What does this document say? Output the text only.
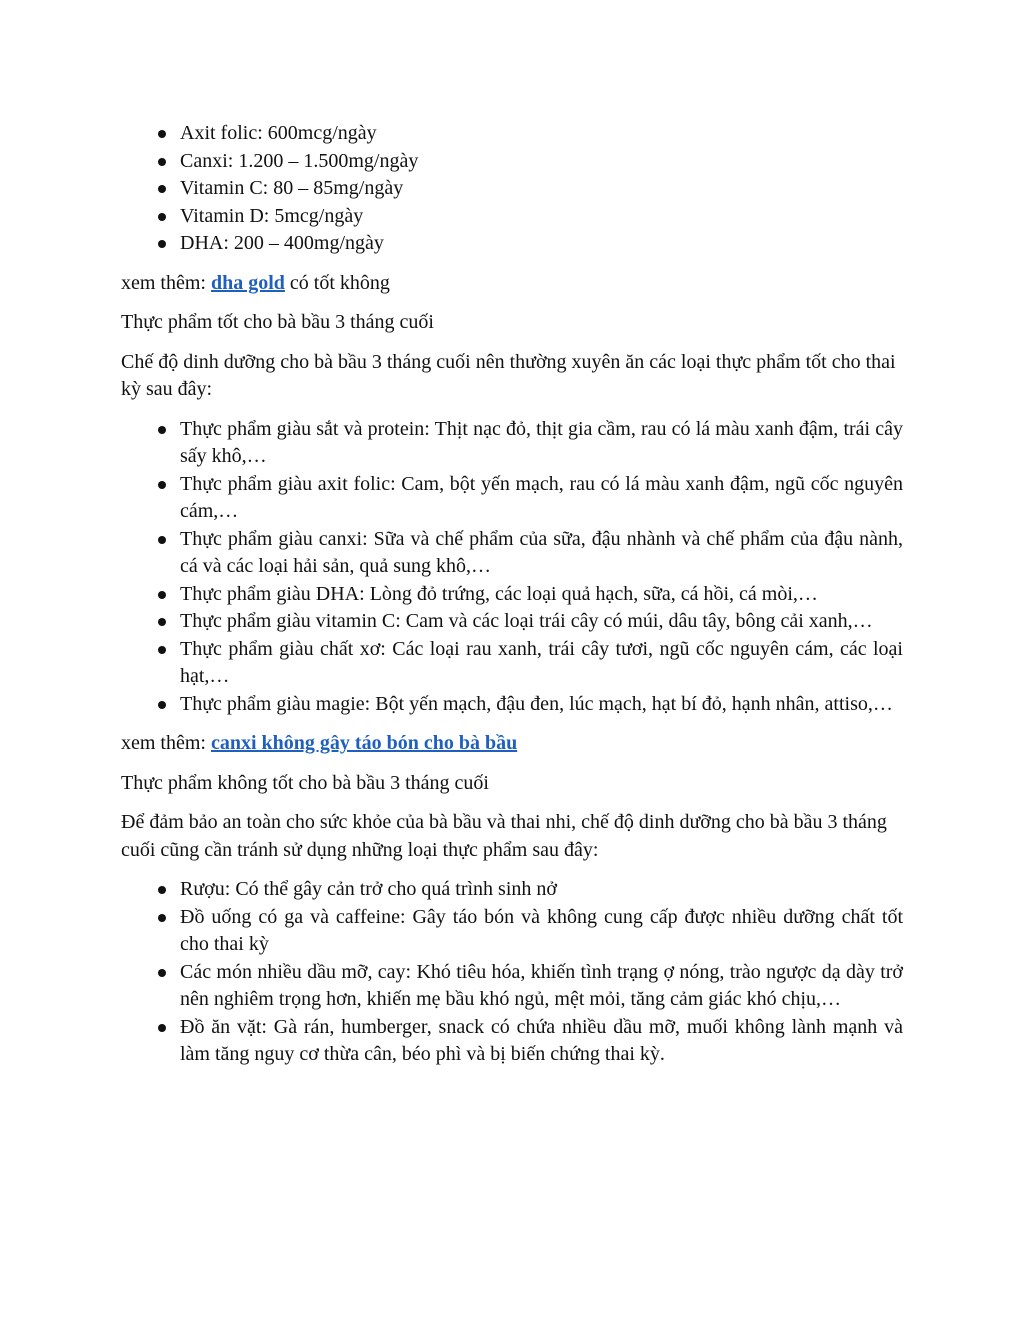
Axit folic: 600mcg/ngày
Canxi: 1.200 – 1.500mg/ngày
Vitamin C: 80 – 85mg/ngày
Vitamin D: 5mcg/ngày
DHA: 200 – 400mg/ngày

xem thêm: dha gold có tốt không

Thực phẩm tốt cho bà bầu 3 tháng cuối

Chế độ dinh dưỡng cho bà bầu 3 tháng cuối nên thường xuyên ăn các loại thực phẩm tốt cho thai kỳ sau đây:

Thực phẩm giàu sắt và protein: Thịt nạc đỏ, thịt gia cầm, rau có lá màu xanh đậm, trái cây sấy khô,…
Thực phẩm giàu axit folic: Cam, bột yến mạch, rau có lá màu xanh đậm, ngũ cốc nguyên cám,…
Thực phẩm giàu canxi: Sữa và chế phẩm của sữa, đậu nhành và chế phẩm của đậu nành, cá và các loại hải sản, quả sung khô,…
Thực phẩm giàu DHA: Lòng đỏ trứng, các loại quả hạch, sữa, cá hồi, cá mòi,…
Thực phẩm giàu vitamin C: Cam và các loại trái cây có múi, dâu tây, bông cải xanh,…
Thực phẩm giàu chất xơ: Các loại rau xanh, trái cây tươi, ngũ cốc nguyên cám, các loại hạt,…
Thực phẩm giàu magie: Bột yến mạch, đậu đen, lúc mạch, hạt bí đỏ, hạnh nhân, attiso,…

xem thêm: canxi không gây táo bón cho bà bầu

Thực phẩm không tốt cho bà bầu 3 tháng cuối

Để đảm bảo an toàn cho sức khỏe của bà bầu và thai nhi, chế độ dinh dưỡng cho bà bầu 3 tháng cuối cũng cần tránh sử dụng những loại thực phẩm sau đây:

Rượu: Có thể gây cản trở cho quá trình sinh nở
Đồ uống có ga và caffeine: Gây táo bón và không cung cấp được nhiều dưỡng chất tốt cho thai kỳ
Các món nhiều dầu mỡ, cay: Khó tiêu hóa, khiến tình trạng ợ nóng, trào ngược dạ dày trở nên nghiêm trọng hơn, khiến mẹ bầu khó ngủ, mệt mỏi, tăng cảm giác khó chịu,…
Đồ ăn vặt: Gà rán, humberger, snack có chứa nhiều dầu mỡ, muối không lành mạnh và làm tăng nguy cơ thừa cân, béo phì và bị biến chứng thai kỳ.
